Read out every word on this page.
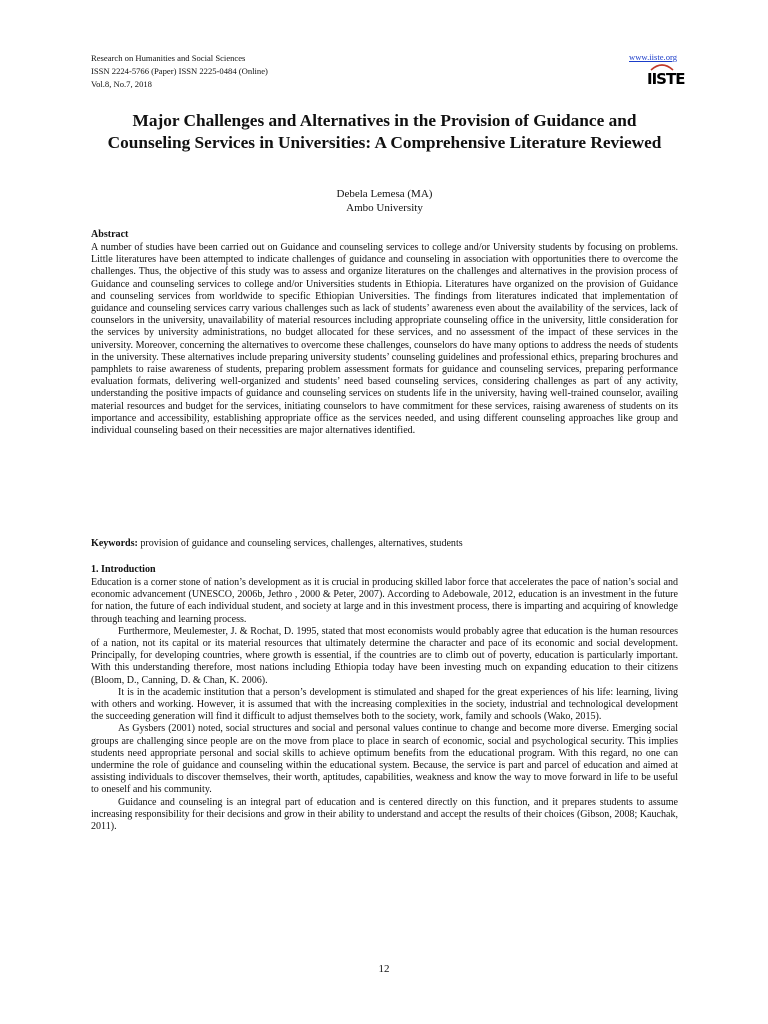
Research on Humanities and Social Sciences
ISSN 2224-5766 (Paper) ISSN 2225-0484 (Online)
Vol.8, No.7, 2018
www.iiste.org
IISTE
Major Challenges and Alternatives in the Provision of Guidance and Counseling Services in Universities: A Comprehensive Literature Reviewed
Debela Lemesa (MA)
Ambo University
Abstract
A number of studies have been carried out on Guidance and counseling services to college and/or University students by focusing on problems. Little literatures have been attempted to indicate challenges of guidance and counseling in association with opportunities there to overcome the challenges. Thus, the objective of this study was to assess and organize literatures on the challenges and alternatives in the provision process of Guidance and counseling services to college and/or Universities students in Ethiopia. Literatures have organized on the provision of Guidance and counseling services from worldwide to specific Ethiopian Universities. The findings from literatures indicated that implementation of guidance and counseling services carry various challenges such as lack of students’ awareness even about the availability of the services, lack of counselors in the university, unavailability of material resources including appropriate counseling office in the university, little consideration for the services by university administrations, no budget allocated for these services, and no assessment of the impact of these services in the university. Moreover, concerning the alternatives to overcome these challenges, counselors do have many options to address the needs of students in the university. These alternatives include preparing university students’ counseling guidelines and professional ethics, preparing brochures and pamphlets to raise awareness of students, preparing problem assessment formats for guidance and counseling services, preparing performance evaluation formats, delivering well-organized and students’ need based counseling services, considering challenges as part of any activity, understanding the positive impacts of guidance and counseling services on students life in the university, having well-trained counselor, availing material resources and budget for the services, initiating counselors to have commitment for these services, raising awareness of students on its importance and accessibility, establishing appropriate office as the services needed, and using different counseling approaches like group and individual counseling based on their necessities are major alternatives identified.
Keywords: provision of guidance and counseling services, challenges, alternatives, students
1. Introduction

Education is a corner stone of nation’s development as it is crucial in producing skilled labor force that accelerates the pace of nation’s social and economic advancement (UNESCO, 2006b, Jethro , 2000 & Peter, 2007). According to Adebowale, 2012, education is an investment in the future for nation, the future of each individual student, and society at large and in this investment process, there is imparting and acquiring of knowledge through teaching and learning process.

Furthermore, Meulemester, J. & Rochat, D. 1995, stated that most economists would probably agree that education is the human resources of a nation, not its capital or its material resources that ultimately determine the character and pace of its economic and social development. Principally, for developing countries, where growth is essential, if the countries are to climb out of poverty, education is particularly important. With this understanding therefore, most nations including Ethiopia today have been investing much on expanding education to their citizens (Bloom, D., Canning, D. & Chan, K. 2006).

It is in the academic institution that a person’s development is stimulated and shaped for the great experiences of his life: learning, living with others and working. However, it is assumed that with the increasing complexities in the society, industrial and technological development the succeeding generation will find it difficult to adjust themselves both to the society, work, family and schools (Wako, 2015).

As Gysbers (2001) noted, social structures and social and personal values continue to change and become more diverse. Emerging social groups are challenging since people are on the move from place to place in search of economic, social and psychological security. This implies students need appropriate personal and social skills to achieve optimum benefits from the educational program. With this regard, no one can undermine the role of guidance and counseling within the educational system. Because, the service is part and parcel of education and aimed at assisting individuals to discover themselves, their worth, aptitudes, capabilities, weakness and know the way to move forward in life to be useful to oneself and his community.

Guidance and counseling is an integral part of education and is centered directly on this function, and it prepares students to assume increasing responsibility for their decisions and grow in their ability to understand and accept the results of their choices (Gibson, 2008; Kauchak, 2011).

12
